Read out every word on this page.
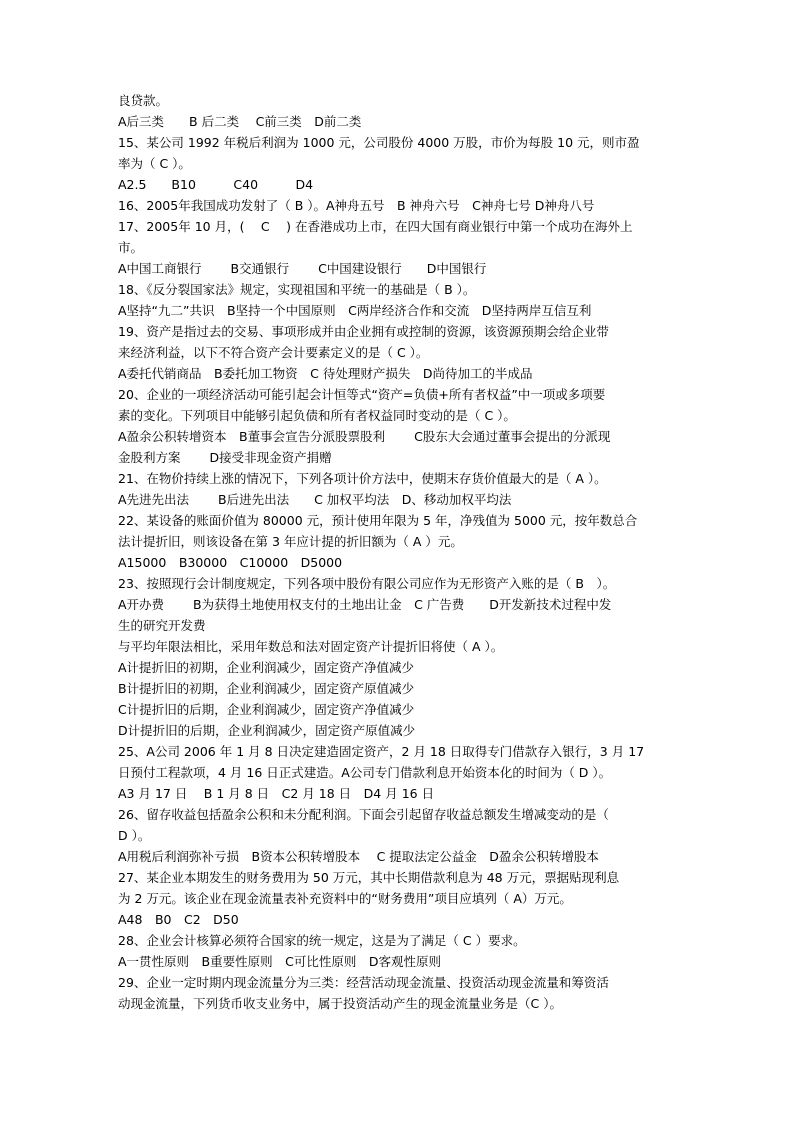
良贷款。
A后三类　　B 后二类　 C前三类　D前二类
15、某公司 1992 年税后利润为 1000 元，公司股份 4000 万股，市价为每股 10 元，则市盈
率为（ C ）。
A2.5　　B10　　　C40　　　D4
16、2005年我国成功发射了（ B ）。A神舟五号　B 神舟六号　C神舟七号 D神舟八号
17、2005年 10 月，(　 C　 ) 在香港成功上市，在四大国有商业银行中第一个成功在海外上
市。
A中国工商银行　　 B交通银行　　 C中国建设银行　　D中国银行
18、《反分裂国家法》规定，实现祖国和平统一的基础是（ B ）。
A坚持“九二”共识　B坚持一个中国原则　C两岸经济合作和交流　D坚持两岸互信互利
19、资产是指过去的交易、事项形成并由企业拥有或控制的资源，该资源预期会给企业带
来经济利益，以下不符合资产会计要素定义的是（ C ）。
A委托代销商品　B委托加工物资　C 待处理财产损失　D尚待加工的半成品
20、企业的一项经济活动可能引起会计恒等式“资产=负债+所有者权益”中一项或多项要
素的变化。下列项目中能够引起负债和所有者权益同时变动的是（ C ）。
A盈余公积转增资本　B董事会宣告分派股票股利　　 C股东大会通过董事会提出的分派现
金股利方案　　 D接受非现金资产捐赠
21、在物价持续上涨的情况下，下列各项计价方法中，使期末存货价值最大的是（ A ）。
A先进先出法　　 B后进先出法　　C 加权平均法　D、移动加权平均法
22、某设备的账面价值为 80000 元，预计使用年限为 5 年，净残值为 5000 元，按年数总合
法计提折旧，则该设备在第 3 年应计提的折旧额为（ A ）元。
A15000　B30000　C10000　D5000
23、按照现行会计制度规定，下列各项中股份有限公司应作为无形资产入账的是（ B　）。
A开办费　　 B为获得土地使用权支付的土地出让金　C 广告费　　D开发新技术过程中发
生的研究开发费
与平均年限法相比，采用年数总和法对固定资产计提折旧将使（ A ）。
A计提折旧的初期，企业利润减少，固定资产净值减少
B计提折旧的初期，企业利润减少，固定资产原值减少
C计提折旧的后期，企业利润减少，固定资产净值减少
D计提折旧的后期，企业利润减少，固定资产原值减少
25、A公司 2006 年 1 月 8 日决定建造固定资产，2 月 18 日取得专门借款存入银行，3 月 17
日预付工程款项，4 月 16 日正式建造。A公司专门借款利息开始资本化的时间为（ D ）。
A3 月 17 日　 B 1 月 8 日　C2 月 18 日　D4 月 16 日
26、留存收益包括盈余公积和未分配利润。下面会引起留存收益总额发生增减变动的是（
D ）。
A用税后利润弥补亏损　B资本公积转增股本　 C 提取法定公益金　D盈余公积转增股本
27、某企业本期发生的财务费用为 50 万元，其中长期借款利息为 48 万元，票据贴现利息
为 2 万元。该企业在现金流量表补充资料中的“财务费用”项目应填列（ A）万元。
A48　B0　C2　D50
28、企业会计核算必须符合国家的统一规定，这是为了满足（ C ）要求。
A一贯性原则　B重要性原则　C可比性原则　D客观性原则
29、企业一定时期内现金流量分为三类：经营活动现金流量、投资活动现金流量和筹资活
动现金流量，下列货币收支业务中，属于投资活动产生的现金流量业务是（C ）。
